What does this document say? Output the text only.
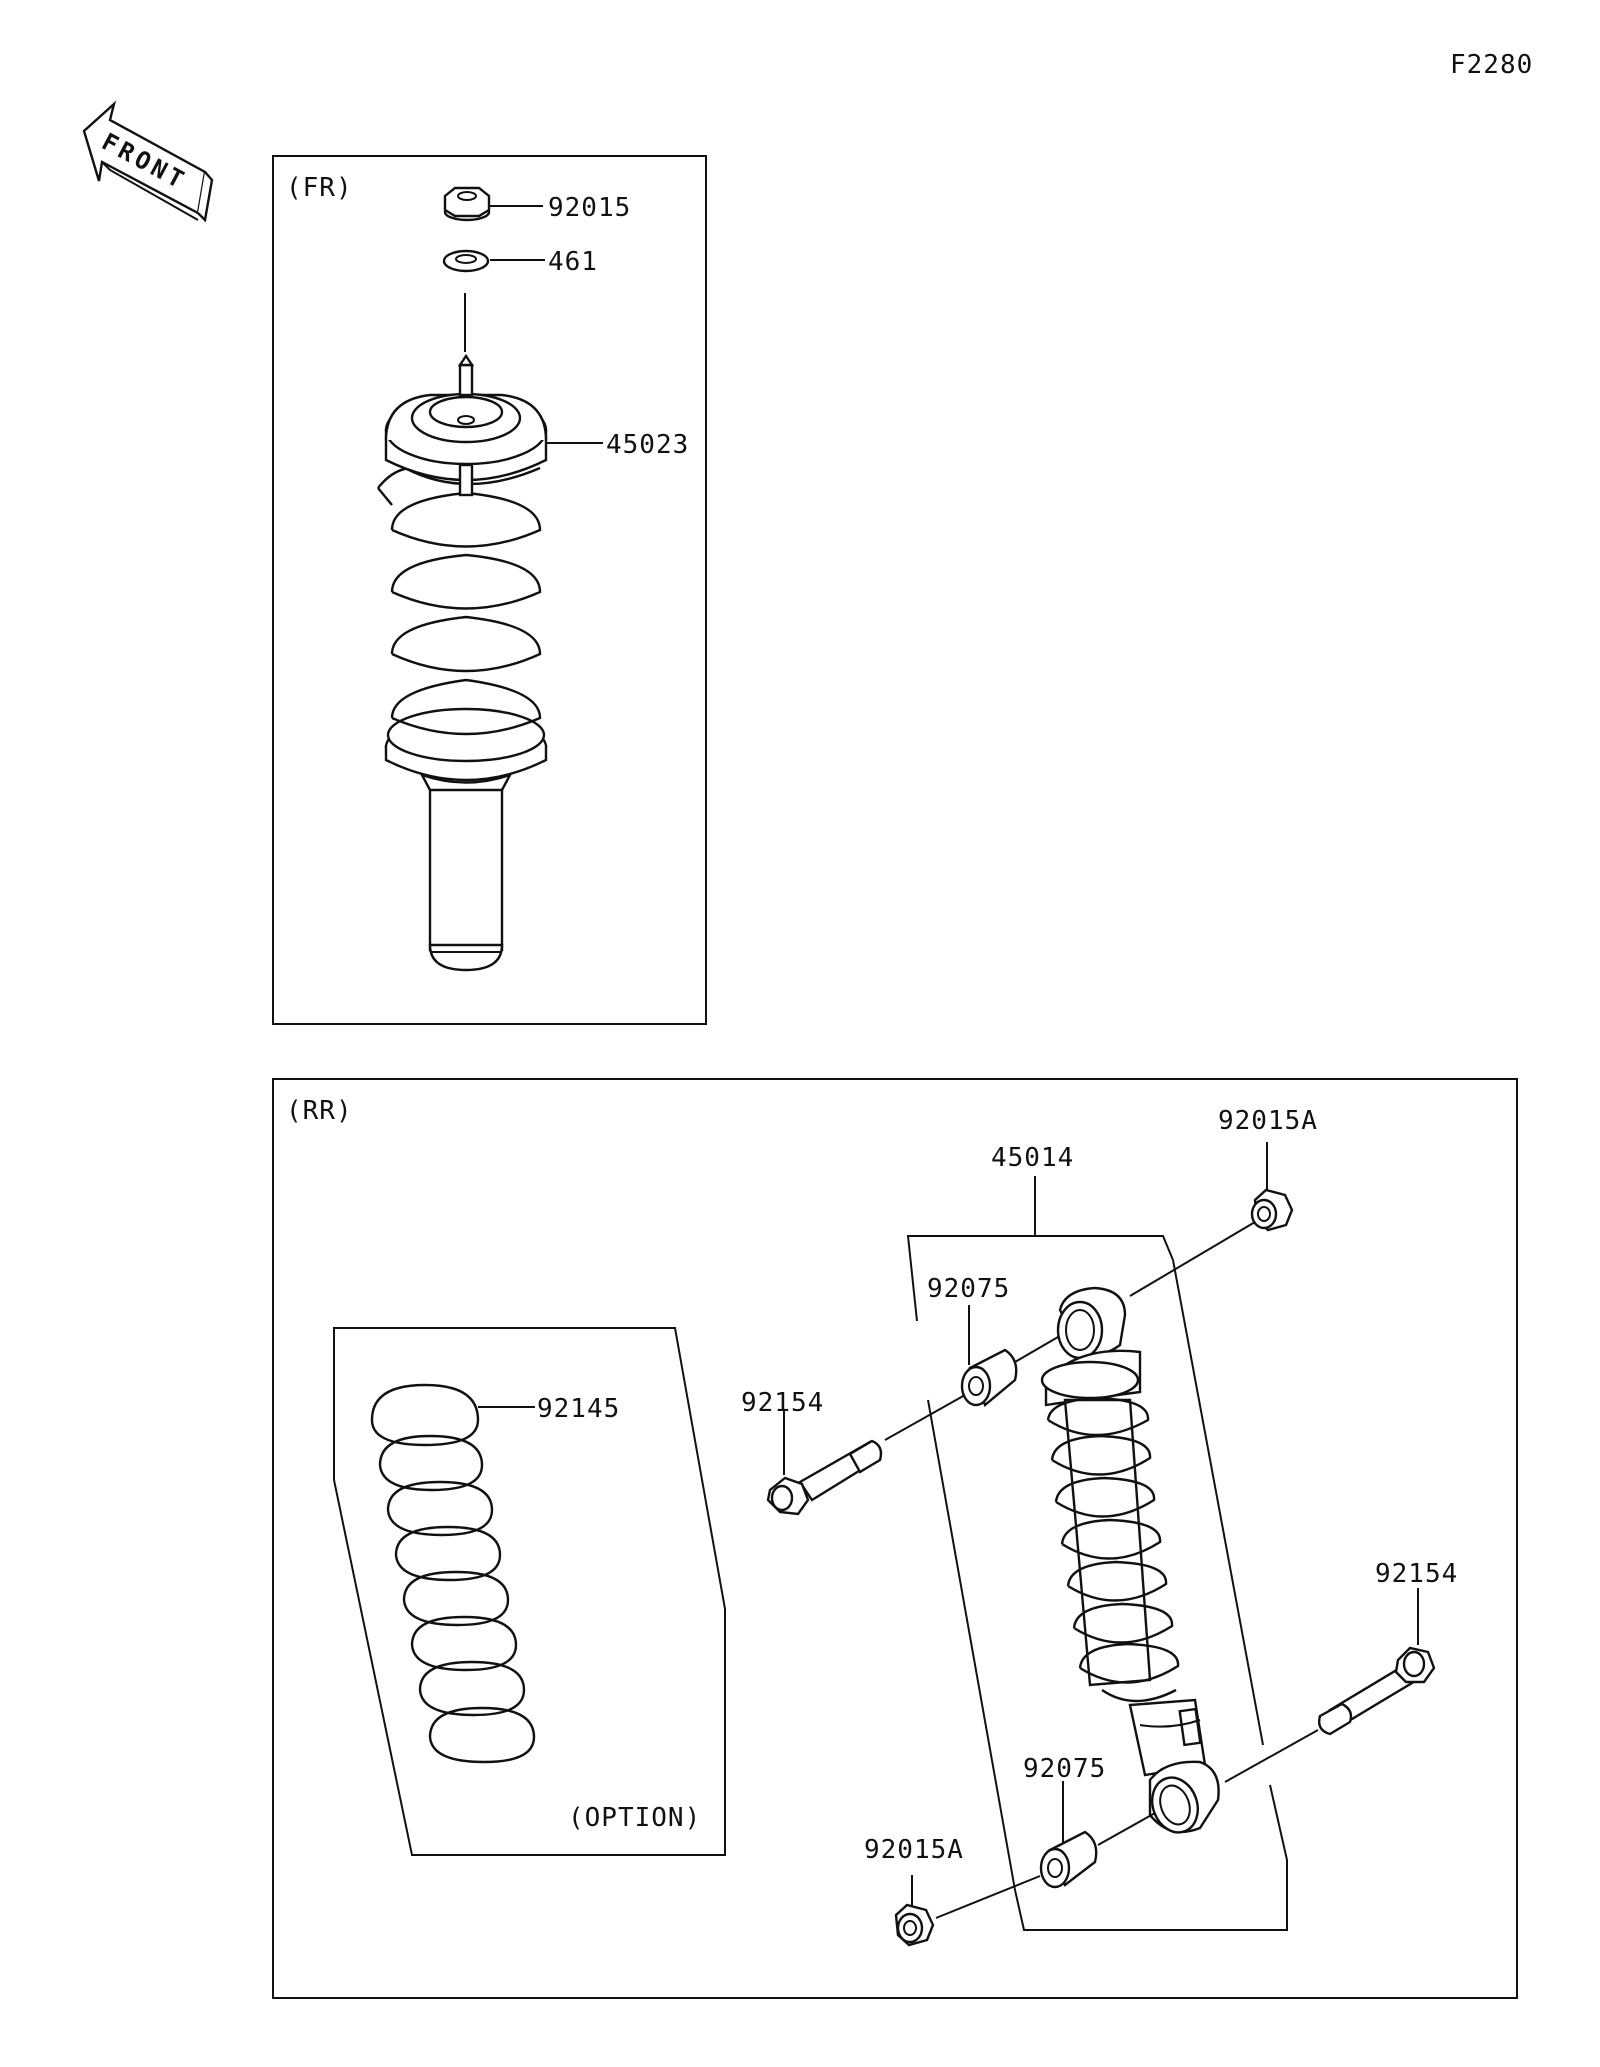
F2280
FRONT	(FR)
92015
461
45023
(RR)
(OPTION)
92145
45014
92015A
92075
92154
92154
92075
92015A
